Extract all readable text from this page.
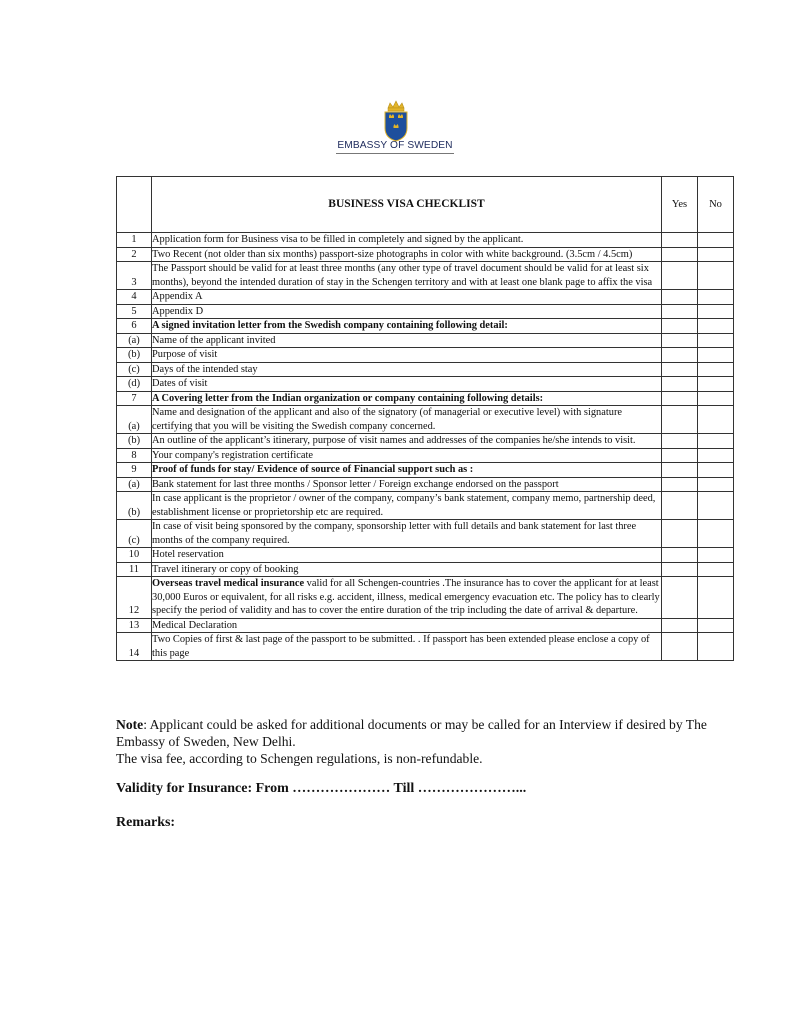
EMBASSY OF SWEDEN
	BUSINESS VISA CHECKLIST	Yes	No
1	Application form for Business visa to be filled in completely and signed by the applicant.		
2	Two Recent (not older than six months) passport-size photographs in color with white background. (3.5cm / 4.5cm)		
3	The Passport should be valid for at least three months (any other type of travel document should be valid for at least six months), beyond the intended duration of stay in the Schengen territory and with at least one blank page to affix the visa		
4	Appendix A		
5	Appendix D		
6	A signed invitation letter from the Swedish company containing following detail:		
(a)	Name of the applicant invited		
(b)	Purpose of visit		
(c)	Days of the intended stay		
(d)	Dates of visit		
7	A Covering letter from the Indian organization or company containing following details:		
(a)	Name and designation of the applicant and also of the signatory (of managerial or executive level) with signature certifying that you will be visiting the Swedish company concerned.		
(b)	An outline of the applicant’s itinerary, purpose of visit names and addresses of the companies he/she intends to visit.		
8	Your company's registration certificate		
9	Proof of funds for stay/ Evidence of source of Financial support such as :		
(a)	Bank statement for last three months / Sponsor letter / Foreign exchange endorsed on the passport		
(b)	In case applicant is the proprietor / owner of the company, company’s bank statement, company memo, partnership deed, establishment license or proprietorship etc are required.		
(c)	In case of visit being sponsored by the company, sponsorship letter with full details and bank statement for last three months of the company required.		
10	Hotel reservation		
11	Travel itinerary or copy of booking		
12	Overseas travel medical insurance valid for all Schengen-countries .The insurance has to cover the applicant for at least 30,000 Euros or equivalent, for all risks e.g. accident, illness, medical emergency evacuation etc. The policy has to clearly specify the period of validity and has to cover the entire duration of the trip including the date of arrival & departure.		
13	Medical Declaration		
14	Two Copies of first & last page of the passport to be submitted. . If passport has been extended please enclose a copy of this page		
Note: Applicant could be asked for additional documents or may be called for an Interview if desired by The Embassy of Sweden, New Delhi.
The visa fee, according to Schengen regulations, is non-refundable.
Validity for Insurance: From ………………… Till …………………...
Remarks:
